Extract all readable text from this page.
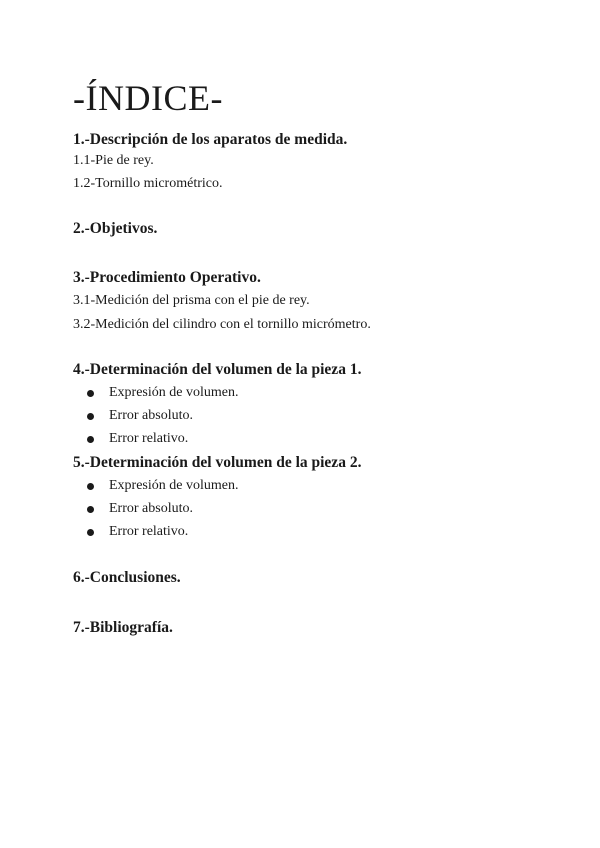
-ÍNDICE-
1.-Descripción de los aparatos de medida.
1.1-Pie de rey.
1.2-Tornillo micrométrico.
2.-Objetivos.
3.-Procedimiento Operativo.
3.1-Medición del prisma con el pie de rey.
3.2-Medición del cilindro con el tornillo micrómetro.
4.-Determinación del volumen de la pieza 1.
Expresión de volumen.
Error absoluto.
Error relativo.
5.-Determinación del volumen de la pieza 2.
Expresión de volumen.
Error absoluto.
Error relativo.
6.-Conclusiones.
7.-Bibliografía.
